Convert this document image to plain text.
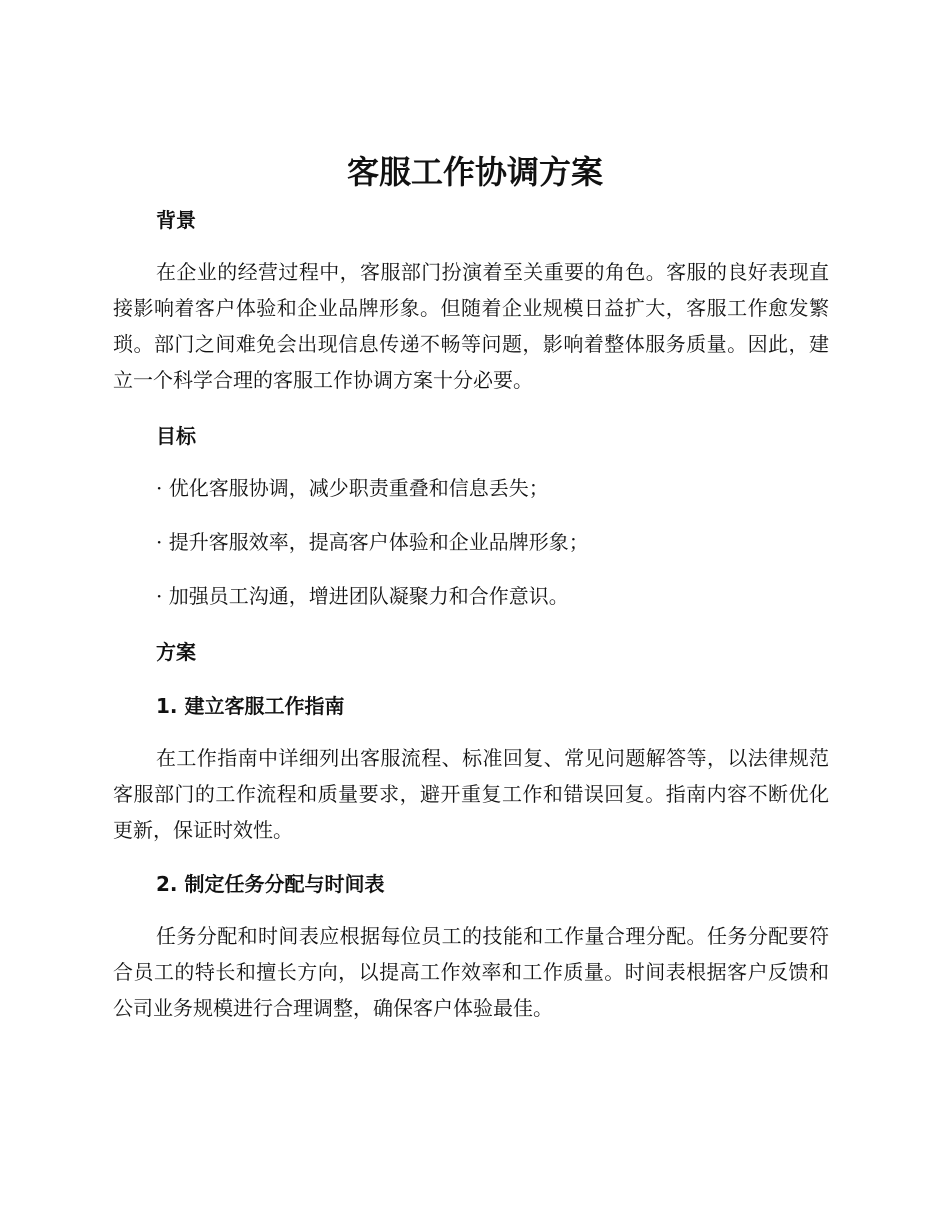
客服工作协调方案
背景

在企业的经营过程中，客服部门扮演着至关重要的角色。客服的良好表现直接影响着客户体验和企业品牌形象。但随着企业规模日益扩大，客服工作愈发繁琐。部门之间难免会出现信息传递不畅等问题，影响着整体服务质量。因此，建立一个科学合理的客服工作协调方案十分必要。

目标
· 优化客服协调，减少职责重叠和信息丢失；
· 提升客服效率，提高客户体验和企业品牌形象；
· 加强员工沟通，增进团队凝聚力和合作意识。
方案
1. 建立客服工作指南

在工作指南中详细列出客服流程、标准回复、常见问题解答等，以法律规范客服部门的工作流程和质量要求，避开重复工作和错误回复。指南内容不断优化更新，保证时效性。

2. 制定任务分配与时间表

任务分配和时间表应根据每位员工的技能和工作量合理分配。任务分配要符合员工的特长和擅长方向，以提高工作效率和工作质量。时间表根据客户反馈和公司业务规模进行合理调整，确保客户体验最佳。
